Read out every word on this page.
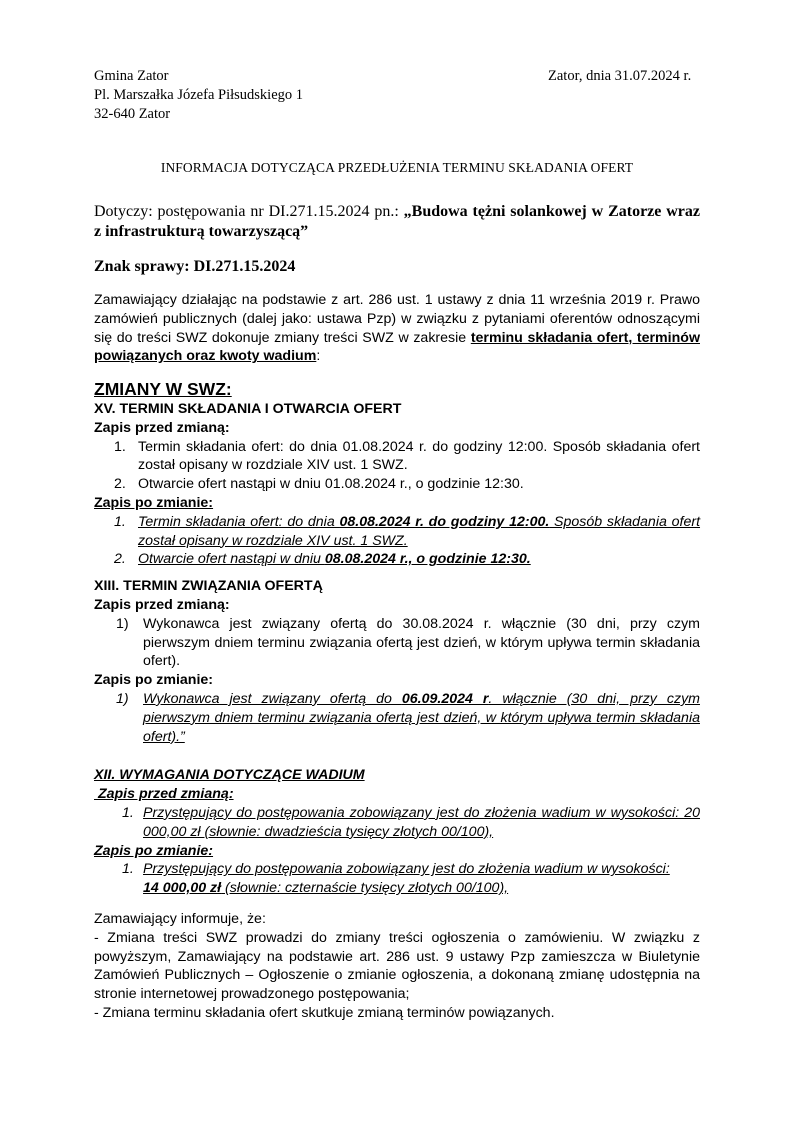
Gmina Zator
Pl. Marszałka Józefa Piłsudskiego 1
32-640 Zator
Zator, dnia 31.07.2024 r.
INFORMACJA DOTYCZĄCA PRZEDŁUŻENIA TERMINU SKŁADANIA OFERT
Dotyczy: postępowania nr DI.271.15.2024 pn.: „Budowa tężni solankowej w Zatorze wraz z infrastrukturą towarzyszącą”
Znak sprawy: DI.271.15.2024
Zamawiający działając na podstawie z art. 286 ust. 1 ustawy z dnia 11 września 2019 r. Prawo zamówień publicznych (dalej jako: ustawa Pzp) w związku z pytaniami oferentów odnoszącymi się do treści SWZ dokonuje zmiany treści SWZ w zakresie terminu składania ofert, terminów powiązanych oraz kwoty wadium:
ZMIANY W SWZ:
XV. TERMIN SKŁADANIA I OTWARCIA OFERT
Zapis przed zmianą:
1. Termin składania ofert: do dnia 01.08.2024 r. do godziny 12:00. Sposób składania ofert został opisany w rozdziale XIV ust. 1 SWZ.
2. Otwarcie ofert nastąpi w dniu 01.08.2024 r., o godzinie 12:30.
Zapis po zmianie:
1. Termin składania ofert: do dnia 08.08.2024 r. do godziny 12:00. Sposób składania ofert został opisany w rozdziale XIV ust. 1 SWZ.
2. Otwarcie ofert nastąpi w dniu 08.08.2024 r., o godzinie 12:30.
XIII. TERMIN ZWIĄZANIA OFERTĄ
Zapis przed zmianą:
1) Wykonawca jest związany ofertą do 30.08.2024 r. włącznie (30 dni, przy czym pierwszym dniem terminu związania ofertą jest dzień, w którym upływa termin składania ofert).
Zapis po zmianie:
1) Wykonawca jest związany ofertą do 06.09.2024 r. włącznie (30 dni, przy czym pierwszym dniem terminu związania ofertą jest dzień, w którym upływa termin składania ofert).”
XII. WYMAGANIA DOTYCZĄCE WADIUM
Zapis przed zmianą:
1. Przystępujący do postępowania zobowiązany jest do złożenia wadium w wysokości: 20 000,00 zł (słownie: dwadzieścia tysięcy złotych 00/100),
Zapis po zmianie:
1. Przystępujący do postępowania zobowiązany jest do złożenia wadium w wysokości:
14 000,00 zł (słownie: czternaście tysięcy złotych 00/100),
Zamawiający informuje, że:
- Zmiana treści SWZ prowadzi do zmiany treści ogłoszenia o zamówieniu. W związku z powyższym, Zamawiający na podstawie art. 286 ust. 9 ustawy Pzp zamieszcza w Biuletynie Zamówień Publicznych – Ogłoszenie o zmianie ogłoszenia, a dokonaną zmianę udostępnia na stronie internetowej prowadzonego postępowania;
- Zmiana terminu składania ofert skutkuje zmianą terminów powiązanych.
